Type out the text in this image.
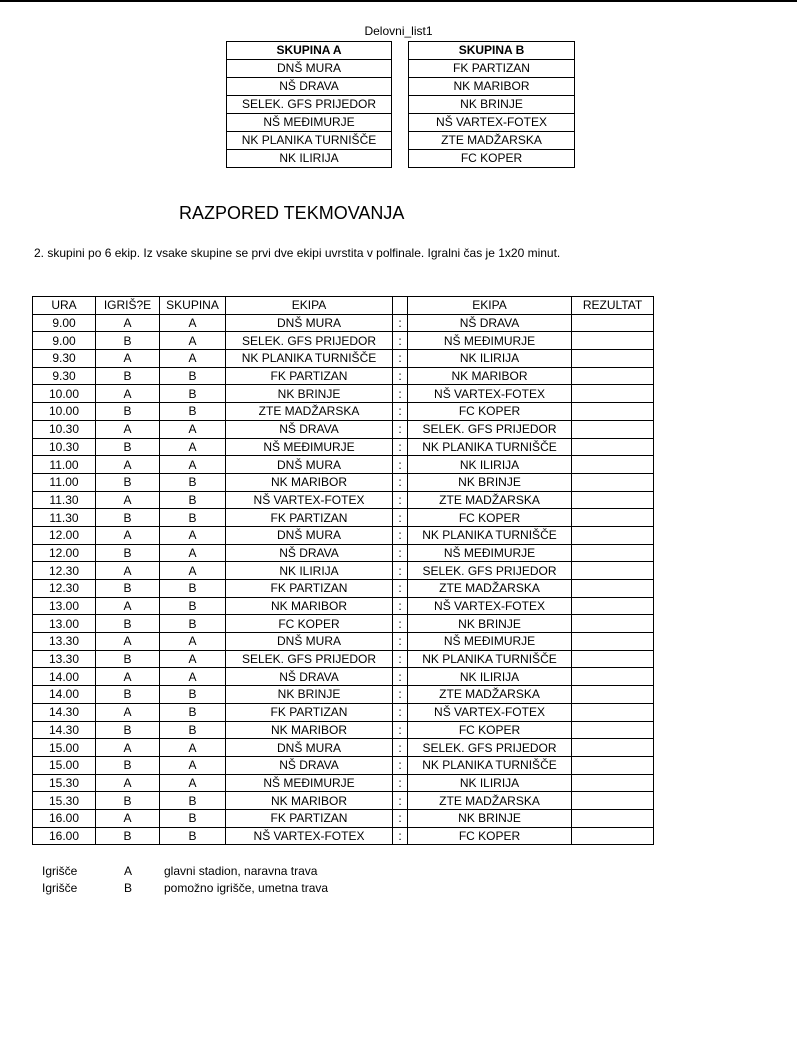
Delovni_list1
SKUPINA A
DNŠ MURA
NŠ DRAVA
SELEK. GFS PRIJEDOR
NŠ MEĐIMURJE
NK PLANIKA TURNIŠČE
NK ILIRIJA
SKUPINA B
FK PARTIZAN
NK MARIBOR
NK BRINJE
NŠ VARTEX-FOTEX
ZTE MADŽARSKA
FC KOPER
RAZPORED TEKMOVANJA
2. skupini po 6 ekip. Iz vsake skupine se prvi dve ekipi uvrstita v polfinale. Igralni čas je 1x20 minut.
URA	IGRIŠ?E	SKUPINA	EKIPA		EKIPA	REZULTAT
9.00	A	A	DNŠ MURA	:	NŠ DRAVA	
9.00	B	A	SELEK. GFS PRIJEDOR	:	NŠ MEĐIMURJE	
9.30	A	A	NK PLANIKA TURNIŠČE	:	NK ILIRIJA	
9.30	B	B	FK PARTIZAN	:	NK MARIBOR	
10.00	A	B	NK BRINJE	:	NŠ VARTEX-FOTEX	
10.00	B	B	ZTE MADŽARSKA	:	FC KOPER	
10.30	A	A	NŠ DRAVA	:	SELEK. GFS PRIJEDOR	
10.30	B	A	NŠ MEĐIMURJE	:	NK PLANIKA TURNIŠČE	
11.00	A	A	DNŠ MURA	:	NK ILIRIJA	
11.00	B	B	NK MARIBOR	:	NK BRINJE	
11.30	A	B	NŠ VARTEX-FOTEX	:	ZTE MADŽARSKA	
11.30	B	B	FK PARTIZAN	:	FC KOPER	
12.00	A	A	DNŠ MURA	:	NK PLANIKA TURNIŠČE	
12.00	B	A	NŠ DRAVA	:	NŠ MEĐIMURJE	
12.30	A	A	NK ILIRIJA	:	SELEK. GFS PRIJEDOR	
12.30	B	B	FK PARTIZAN	:	ZTE MADŽARSKA	
13.00	A	B	NK MARIBOR	:	NŠ VARTEX-FOTEX	
13.00	B	B	FC KOPER	:	NK BRINJE	
13.30	A	A	DNŠ MURA	:	NŠ MEĐIMURJE	
13.30	B	A	SELEK. GFS PRIJEDOR	:	NK PLANIKA TURNIŠČE	
14.00	A	A	NŠ DRAVA	:	NK ILIRIJA	
14.00	B	B	NK BRINJE	:	ZTE MADŽARSKA	
14.30	A	B	FK PARTIZAN	:	NŠ VARTEX-FOTEX	
14.30	B	B	NK MARIBOR	:	FC KOPER	
15.00	A	A	DNŠ MURA	:	SELEK. GFS PRIJEDOR	
15.00	B	A	NŠ DRAVA	:	NK PLANIKA TURNIŠČE	
15.30	A	A	NŠ MEĐIMURJE	:	NK ILIRIJA	
15.30	B	B	NK MARIBOR	:	ZTE MADŽARSKA	
16.00	A	B	FK PARTIZAN	:	NK BRINJE	
16.00	B	B	NŠ VARTEX-FOTEX	:	FC KOPER	
Igrišče	A	glavni stadion, naravna trava
Igrišče	B	pomožno igrišče, umetna trava
